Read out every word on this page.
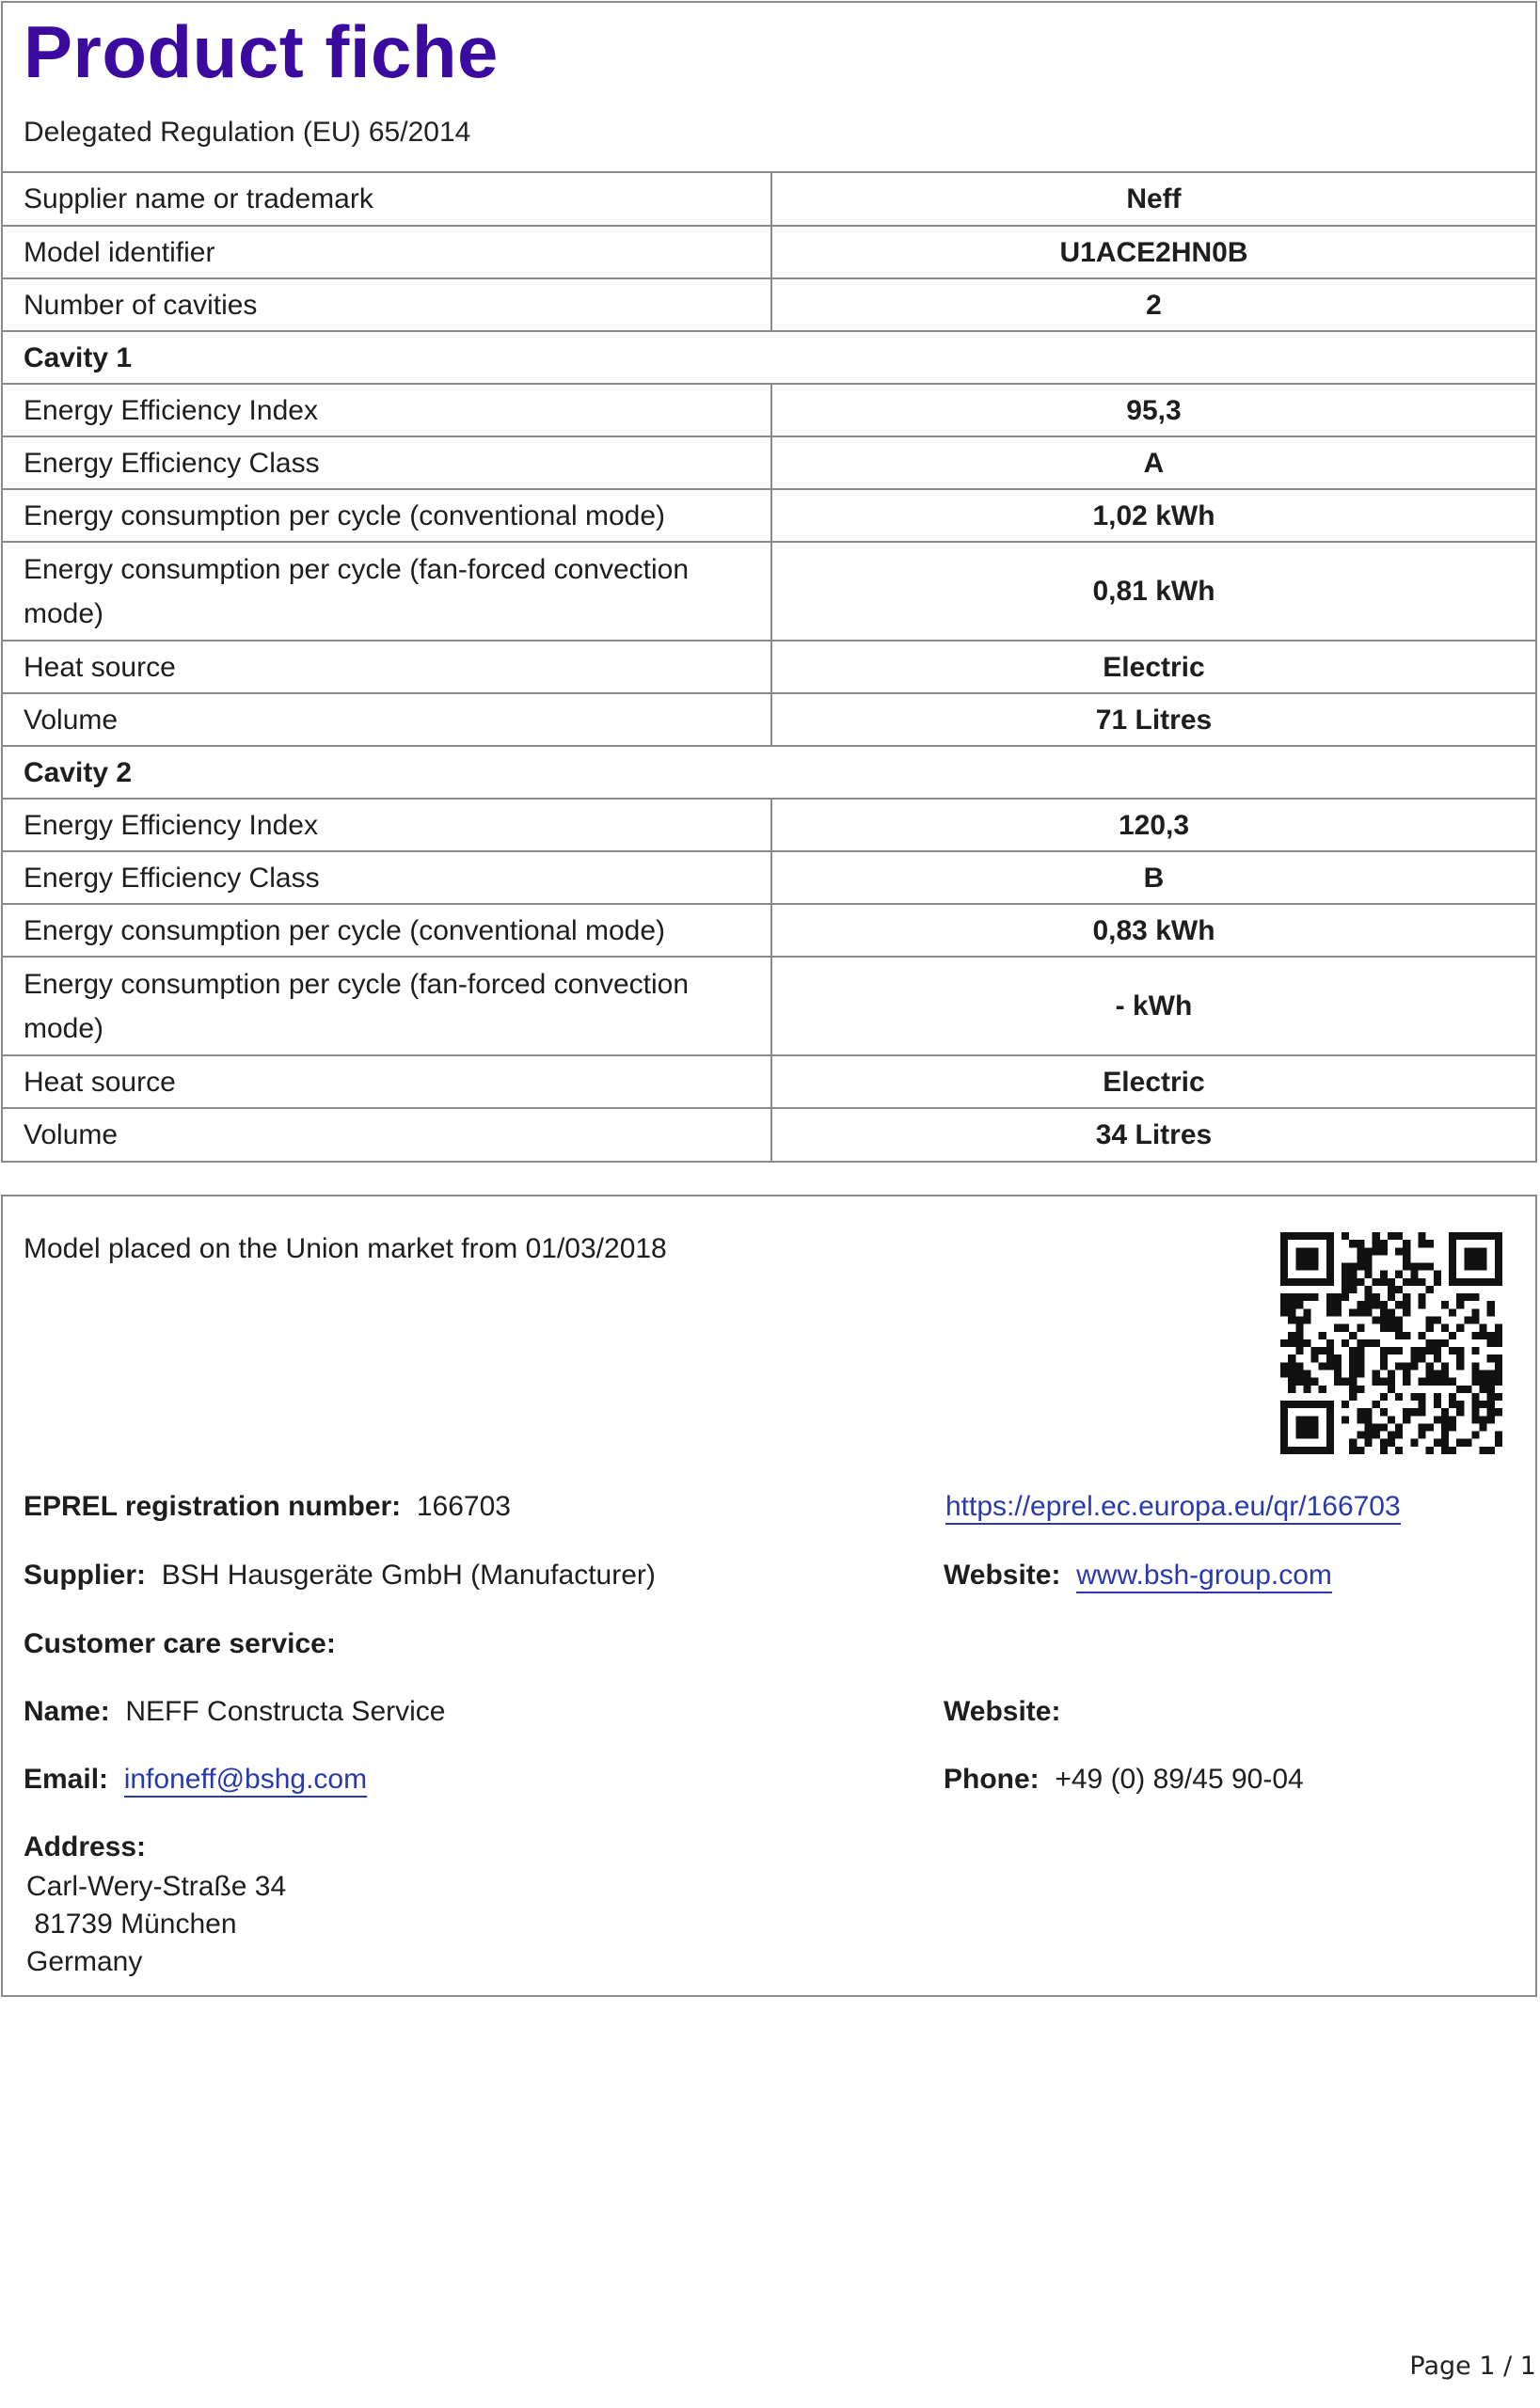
Product fiche
Delegated Regulation (EU) 65/2014
Supplier name or trademark	Neff
Model identifier	U1ACE2HN0B
Number of cavities	2
Cavity 1	
Energy Efficiency Index	95,3
Energy Efficiency Class	A
Energy consumption per cycle (conventional mode)	1,02 kWh
Energy consumption per cycle (fan-forced convection mode)	0,81 kWh
Heat source	Electric
Volume	71 Litres
Cavity 2	
Energy Efficiency Index	120,3
Energy Efficiency Class	B
Energy consumption per cycle (conventional mode)	0,83 kWh
Energy consumption per cycle (fan-forced convection mode)	- kWh
Heat source	Electric
Volume	34 Litres
Model placed on the Union market from 01/03/2018
EPREL registration number: 166703	https://eprel.ec.europa.eu/qr/166703
Supplier: BSH Hausgeräte GmbH (Manufacturer)	Website: www.bsh-group.com
Customer care service:
Name: NEFF Constructa Service	Website:
Email: infoneff@bshg.com	Phone: +49 (0) 89/45 90-04
Address:
Carl-Wery-Straße 34
81739 München
Germany
Page 1 / 1
